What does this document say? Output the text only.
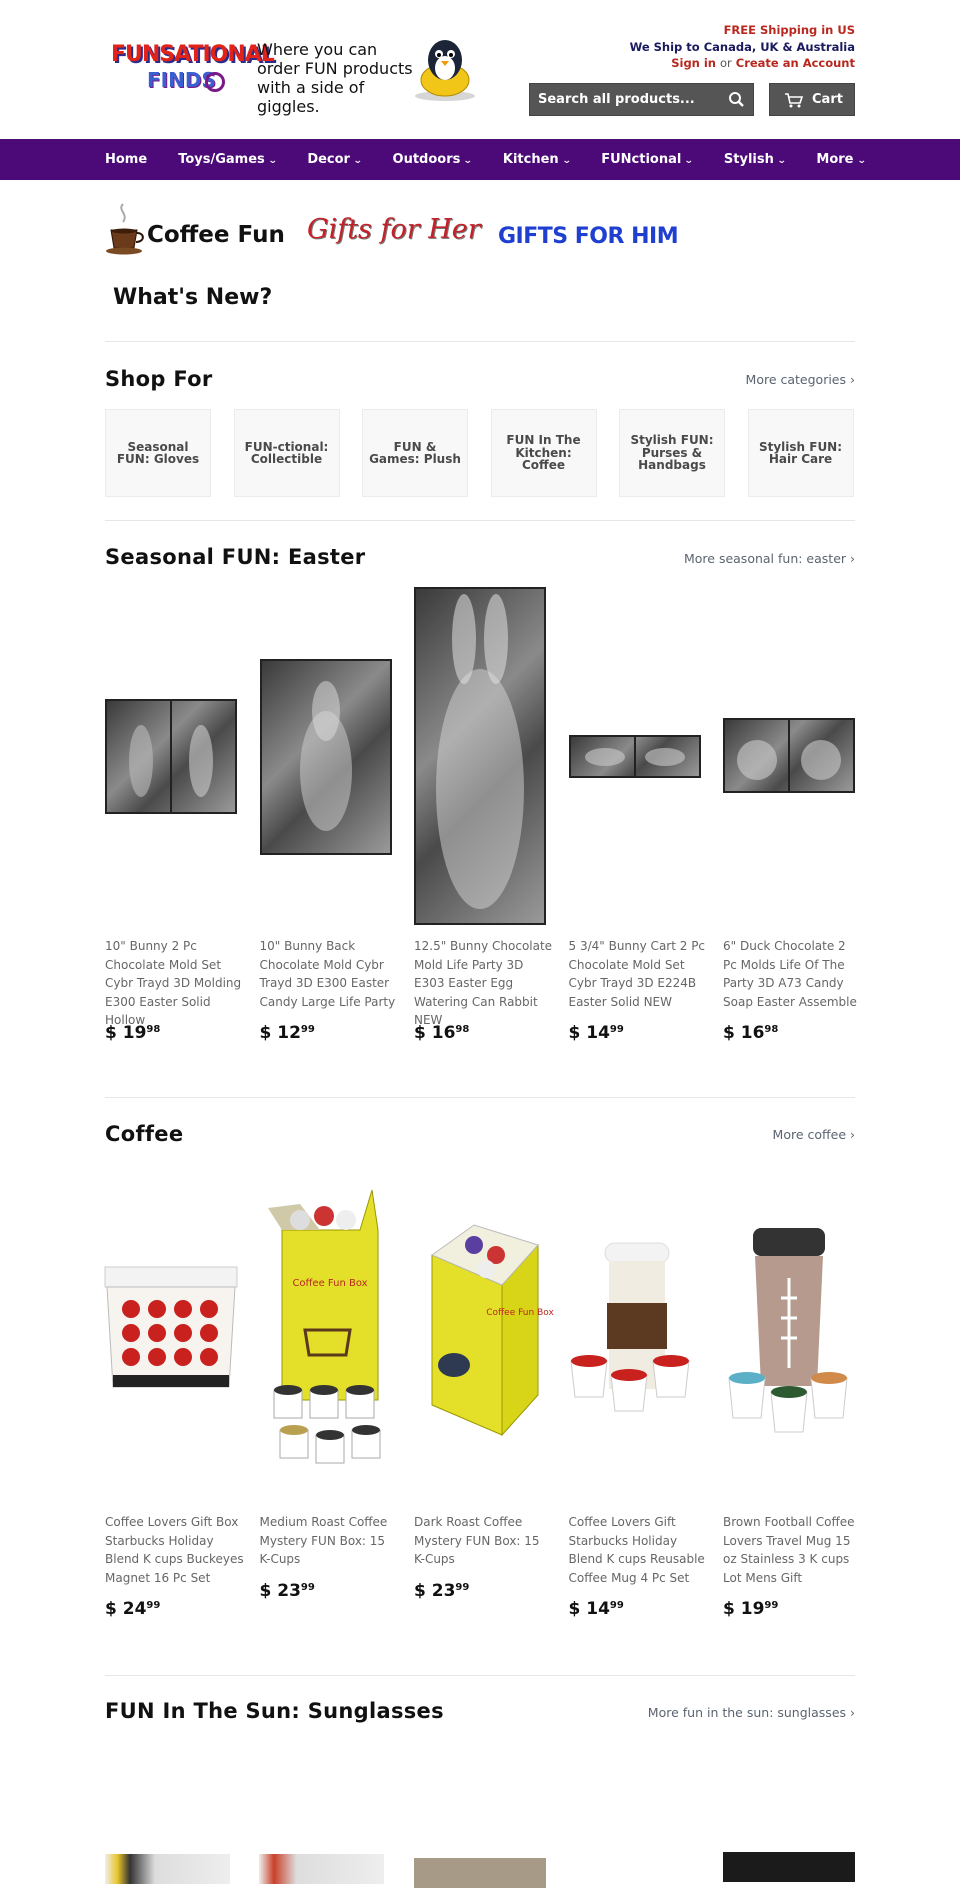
FUNSATIONAL
FINDS
Where you can order FUN products with a side of giggles.
FREE Shipping in US
We Ship to Canada, UK & Australia
Sign in or Create an Account
Search all products...
Cart
Home Toys/Games ⌄ Decor ⌄ Outdoors ⌄ Kitchen ⌄ FUNctional ⌄ Stylish ⌄ More ⌄
Coffee Fun Gifts for Her GIFTS FOR HIM
What's New?
Shop For	More categories ›
Seasonal FUN: Gloves
FUN-ctional: Collectible
FUN & Games: Plush
FUN In The Kitchen: Coffee
Stylish FUN: Purses & Handbags
Stylish FUN: Hair Care
Seasonal FUN: Easter	More seasonal fun: easter ›
10" Bunny 2 Pc Chocolate Mold Set Cybr Trayd 3D Molding E300 Easter Solid Hollow
$ $19^{98}$
10" Bunny Back Chocolate Mold Cybr Trayd 3D E300 Easter Candy Large Life Party
$ $12^{99}$
12.5" Bunny Chocolate Mold Life Party 3D E303 Easter Egg Watering Can Rabbit NEW
$ $16^{98}$
5 3/4" Bunny Cart 2 Pc Chocolate Mold Set Cybr Trayd 3D E224B Easter Solid NEW
$ $14^{99}$
6" Duck Chocolate 2 Pc Molds Life Of The Party 3D A73 Candy Soap Easter Assemble
$ $16^{98}$
Coffee	More coffee ›
Coffee Lovers Gift Box Starbucks Holiday Blend K cups Buckeyes Magnet 16 Pc Set
$ $24^{99}$
Coffee Fun Box
Medium Roast Coffee Mystery FUN Box: 15 K-Cups
$ $23^{99}$
Coffee Fun Box
Dark Roast Coffee Mystery FUN Box: 15 K-Cups
$ $23^{99}$
Coffee Lovers Gift Starbucks Holiday Blend K cups Reusable Coffee Mug 4 Pc Set
$ $14^{99}$
Brown Football Coffee Lovers Travel Mug 15 oz Stainless 3 K cups Lot Mens Gift
$ $19^{99}$
FUN In The Sun: Sunglasses	More fun in the sun: sunglasses ›
